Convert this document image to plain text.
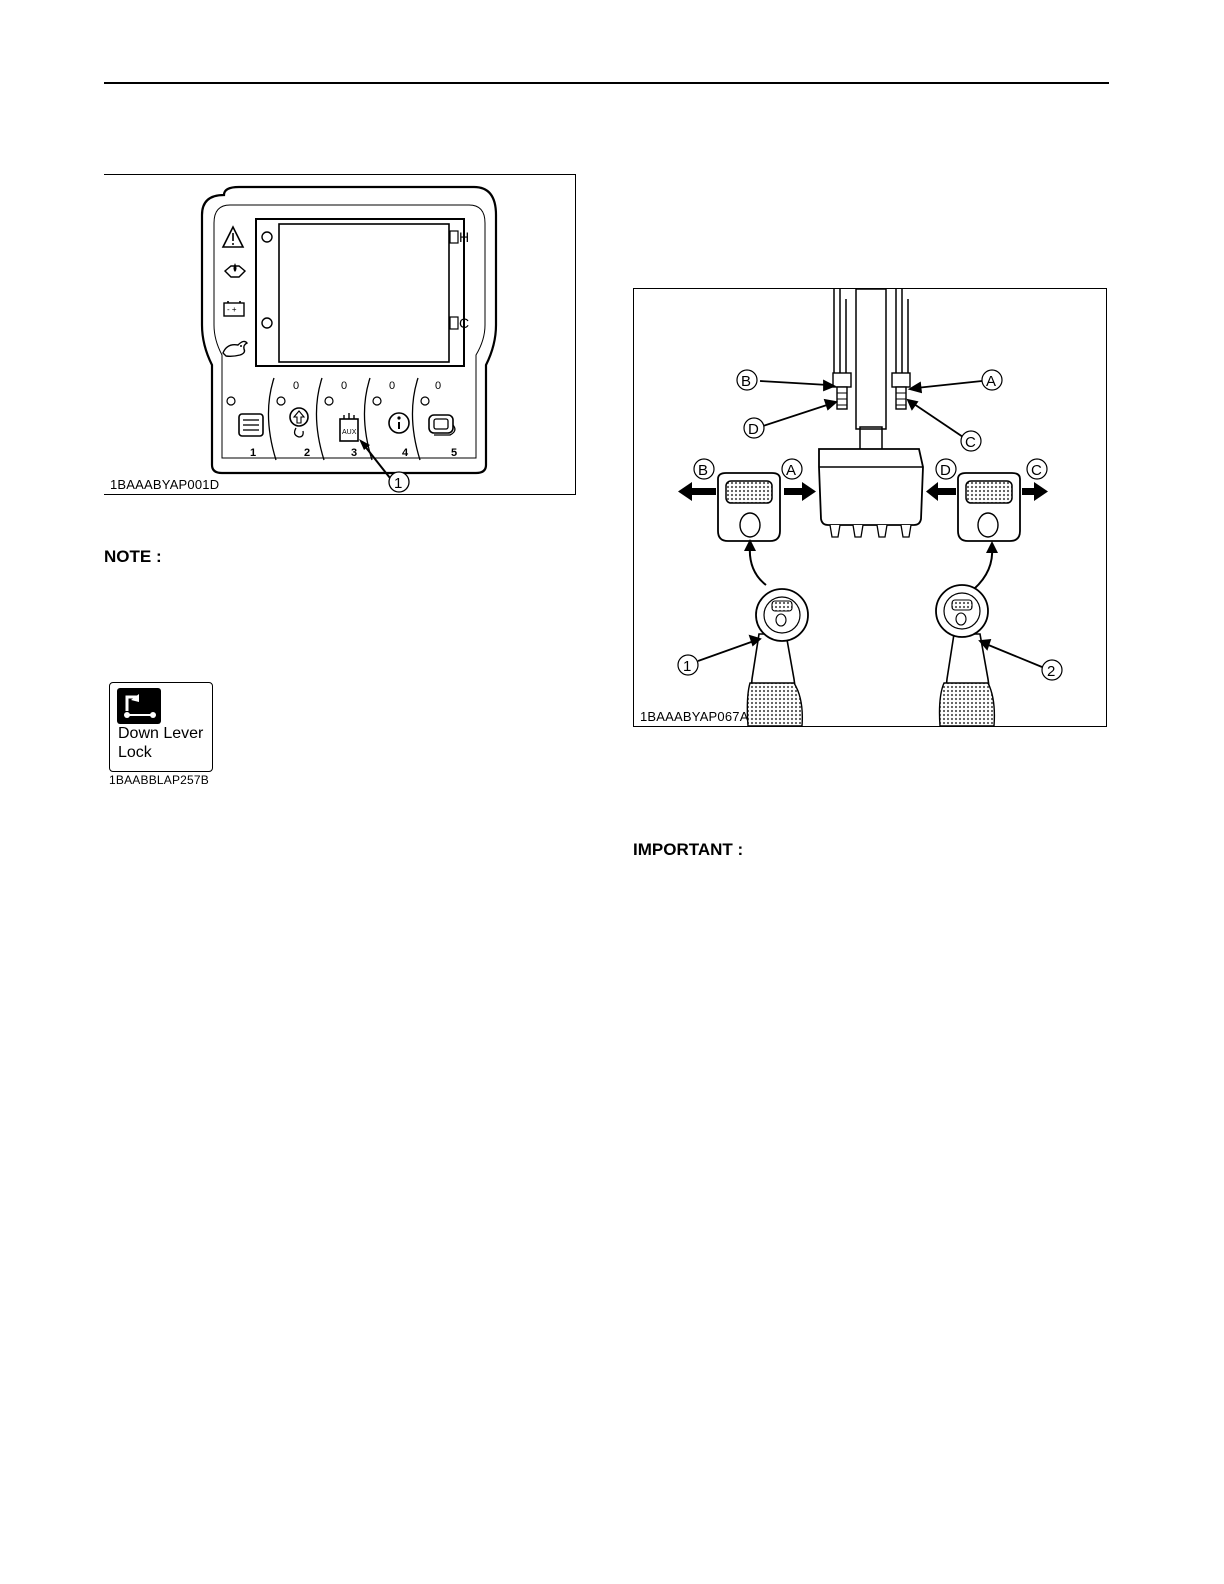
H
C
- +
0	0	0	0
AUX
1	2	3	4	5
1
1BAAABYAP001D
NOTE :
Down Lever
Lock
1BAABBLAP257B
B
D
A
C
B	A	D	C
1	2
1BAAABYAP067A
IMPORTANT :
